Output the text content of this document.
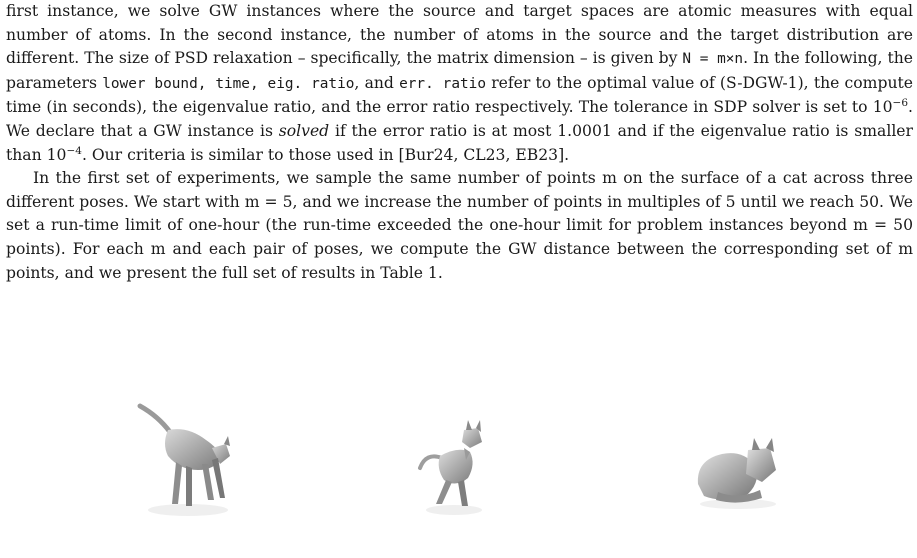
first instance, we solve GW instances where the source and target spaces are atomic measures with equal number of atoms. In the second instance, the number of atoms in the source and the target distribution are different. The size of PSD relaxation – specifically, the matrix dimension – is given by N = m×n. In the following, the parameters lower bound, time, eig. ratio, and err. ratio refer to the optimal value of (S-DGW-1), the compute time (in seconds), the eigenvalue ratio, and the error ratio respectively. The tolerance in SDP solver is set to $10^{-6}$. We declare that a GW instance is solved if the error ratio is at most 1.0001 and if the eigenvalue ratio is smaller than $10^{-4}$. Our criteria is similar to those used in [Bur24, CL23, EB23].

In the first set of experiments, we sample the same number of points m on the surface of a cat across three different poses. We start with m = 5, and we increase the number of points in multiples of 5 until we reach 50. We set a run-time limit of one-hour (the run-time exceeded the one-hour limit for problem instances beyond m = 50 points). For each m and each pair of poses, we compute the GW distance between the corresponding set of m points, and we present the full set of results in Table 1.
